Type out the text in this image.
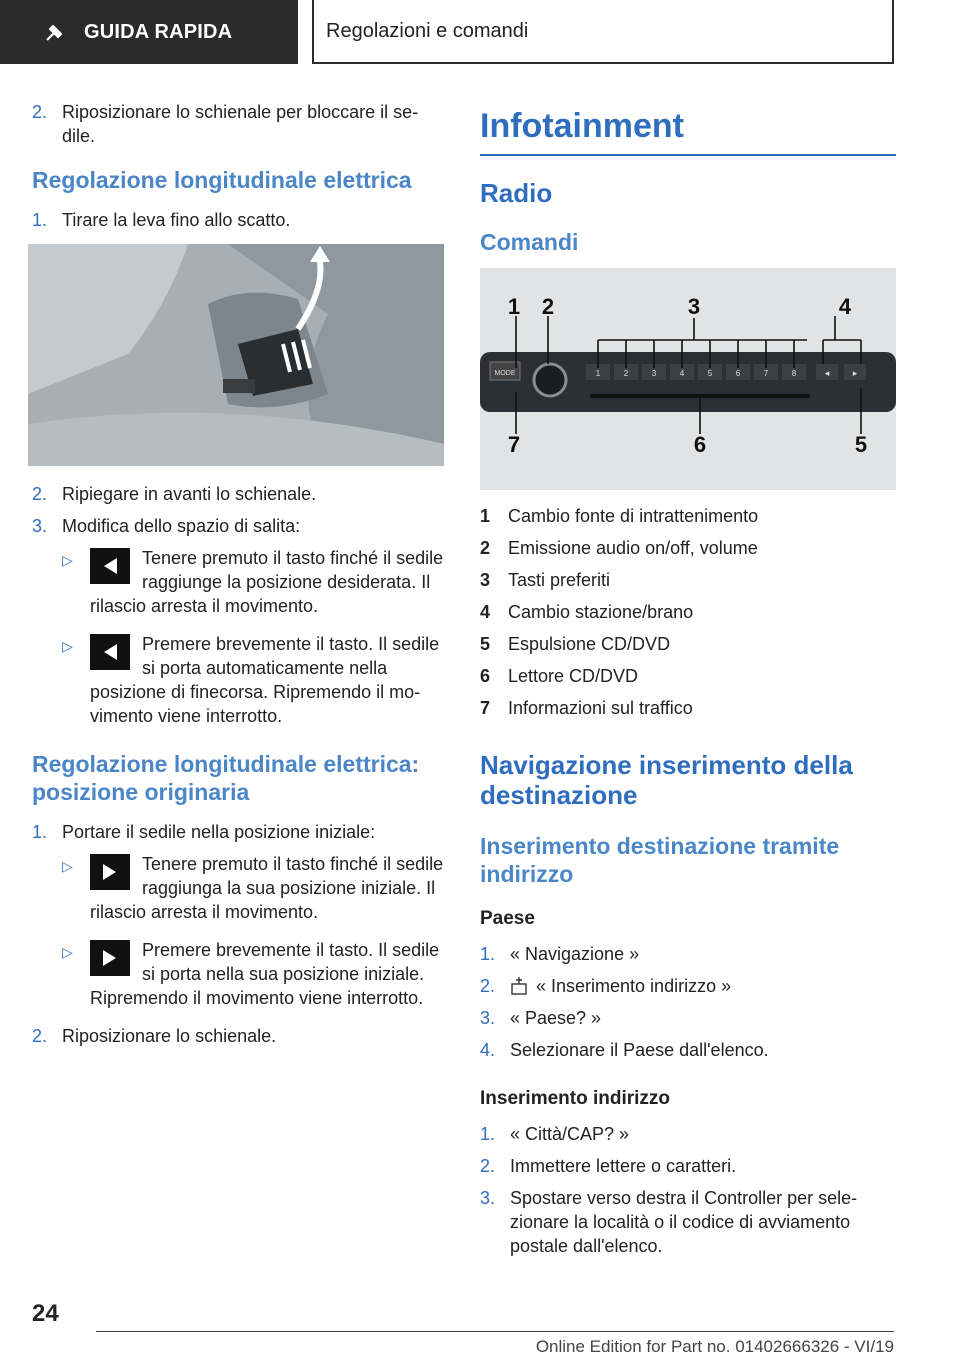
GUIDA RAPIDA	Regolazioni e comandi
2. Riposizionare lo schienale per bloccare il sedile.
Regolazione longitudinale elettrica
1. Tirare la leva fino allo scatto.
2. Ripiegare in avanti lo schienale.
3. Modifica dello spazio di salita:
▷	Tenere premuto il tasto finché il sedile raggiunge la posizione desiderata. Il rilascio arresta il movimento.
▷	Premere brevemente il tasto. Il sedile si porta automaticamente nella posizione di finecorsa. Ripremendo il movimento viene interrotto.
Regolazione longitudinale elettrica: posizione originaria
1. Portare il sedile nella posizione iniziale:
▷	Tenere premuto il tasto finché il sedile raggiunga la sua posizione iniziale. Il rilascio arresta il movimento.
▷	Premere brevemente il tasto. Il sedile si porta nella sua posizione iniziale. Ripremendo il movimento viene interrotto.
2. Riposizionare lo schienale.
Infotainment
Radio
Comandi
MODE	1	2	3	4	5	6	7	8	◂	▸
1 2	3	4
5
6
7
1 Cambio fonte di intrattenimento
2 Emissione audio on/off, volume
3 Tasti preferiti
4 Cambio stazione/brano
5 Espulsione CD/DVD
6 Lettore CD/DVD
7 Informazioni sul traffico
Navigazione inserimento della destinazione
Inserimento destinazione tramite indirizzo
Paese
1. « Navigazione »
2.	« Inserimento indirizzo »
3. « Paese? »
4. Selezionare il Paese dall'elenco.
Inserimento indirizzo
1. « Città/CAP? »
2. Immettere lettere o caratteri.
3. Spostare verso destra il Controller per selezionare la località o il codice di avviamento postale dall'elenco.
24
Online Edition for Part no. 01402666326 - VI/19
